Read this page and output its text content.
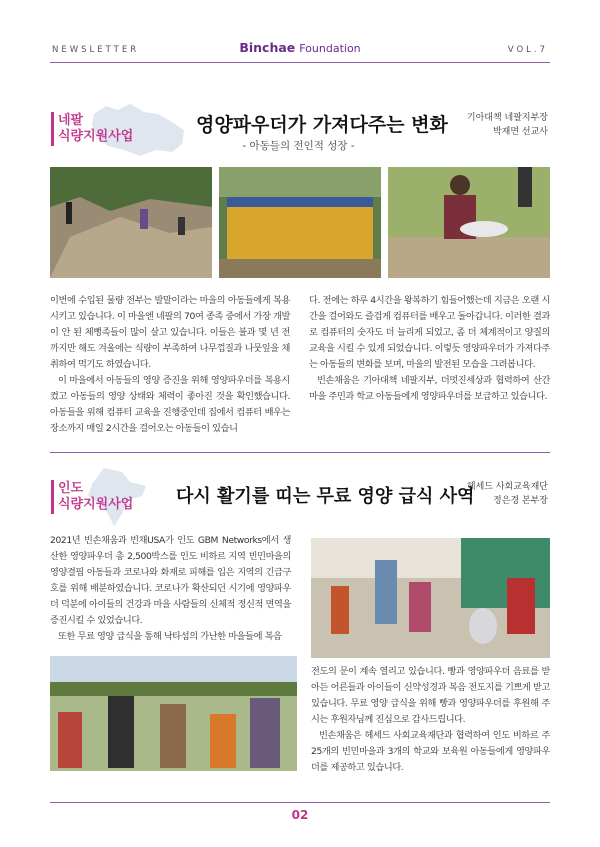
NEWSLETTER	Binchae Foundation	VOL.7
네팔
식량지원사업
영양파우더가 가져다주는 변화
- 아동들의 전인적 성장 -
기아대책 네팔지부장
박재면 선교사

이번에 수입된 물량 전부는 발말이라는 마을의 아동들에게 복용시키고 있습니다. 이 마을엔 네팔의 70여 종족 중에서 가장 개발이 안 된 체뻥족들이 많이 살고 있습니다. 이들은 불과 몇 년 전까지만 해도 겨울에는 식량이 부족하여 나무껍질과 나뭇잎을 채취하여 먹기도 하였습니다.

이 마을에서 아동들의 영양 증진을 위해 영양파우더를 복용시켰고 아동들의 영양 상태와 체력이 좋아진 것을 확인했습니다. 아동들을 위해 컴퓨터 교육을 진행중인데 집에서 컴퓨터 배우는 장소까지 매일 2시간을 걸어오는 아동들이 있습니

다. 전에는 하루 4시간을 왕복하기 힘들어했는데 지금은 오랜 시간을 걸어와도 즐겁게 컴퓨터를 배우고 돌아갑니다. 이러한 결과로 컴퓨터의 숫자도 더 늘리게 되었고, 좀 더 체계적이고 양질의 교육을 시킬 수 있게 되었습니다. 이렇듯 영양파우더가 가져다주는 아동들의 변화를 보며, 마을의 발전된 모습을 그려봅니다.

빈손채움은 기아대책 네팔지부, 더멋진세상과 협력하여 산간마을 주민과 학교 아동들에게 영양파우더를 보급하고 있습니다.

인도
식량지원사업 다시 활기를 띠는 무료 영양 급식 사역
헤세드 사회교육재단
정은경 본부장

2021년 빈손채움과 빈채USA가 인도 GBM Networks에서 생산한 영양파우더 총 2,500박스를 인도 비하르 지역 빈민마을의 영양결핍 아동들과 코로나와 화재로 피해를 입은 지역의 긴급구호를 위해 배분하였습니다. 코로나가 확산되던 시기에 영양파우더 덕분에 아이들의 건강과 마을 사람들의 신체적 정신적 면역을 증진시킬 수 있었습니다.

또한 무료 영양 급식을 통해 낙타섬의 가난한 마을들에 복음

전도의 문이 계속 열리고 있습니다. 빵과 영양파우더 음료를 받아든 어른들과 아이들이 신약성경과 복음 전도지를 기쁘게 받고 있습니다. 무료 영양 급식을 위해 빵과 영양파우더를 후원해 주시는 후원자님께 진심으로 감사드립니다.

빈손채움은 헤세드 사회교육재단과 협력하여 인도 비하르 주 25개의 빈민마을과 3개의 학교와 보육원 아동들에게 영양파우더를 제공하고 있습니다.

02
